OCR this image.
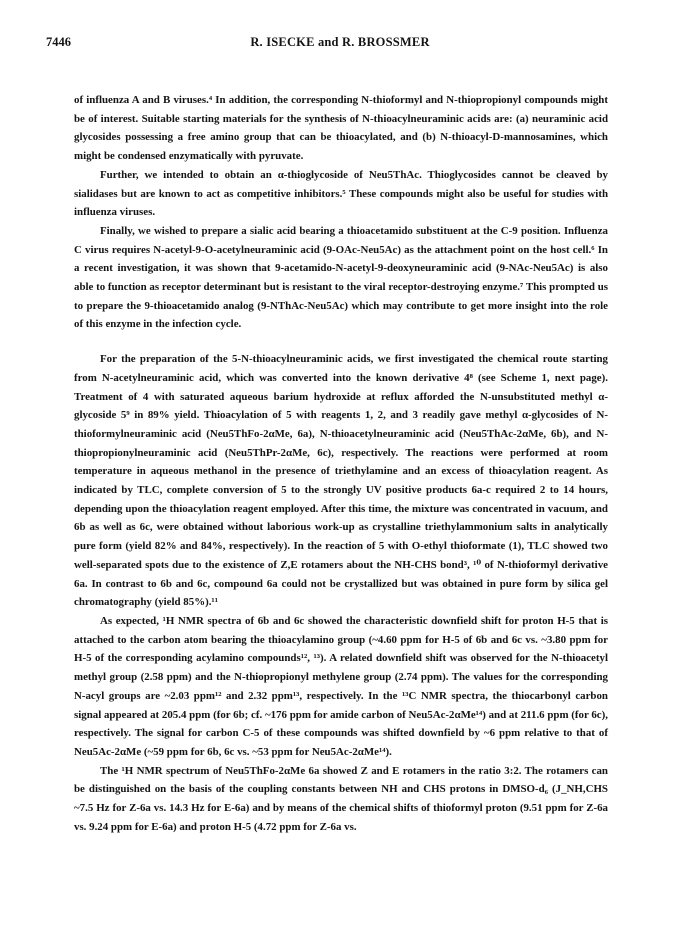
7446	R. ISECKE and R. BROSSMER

of influenza A and B viruses.⁴ In addition, the corresponding N-thioformyl and N-thiopropionyl compounds might be of interest. Suitable starting materials for the synthesis of N-thioacylneuraminic acids are: (a) neuraminic acid glycosides possessing a free amino group that can be thioacylated, and (b) N-thioacyl-D-mannosamines, which might be condensed enzymatically with pyruvate.

Further, we intended to obtain an α-thioglycoside of Neu5ThAc. Thioglycosides cannot be cleaved by sialidases but are known to act as competitive inhibitors.⁵ These compounds might also be useful for studies with influenza viruses.

Finally, we wished to prepare a sialic acid bearing a thioacetamido substituent at the C-9 position. Influenza C virus requires N-acetyl-9-O-acetylneuraminic acid (9-OAc-Neu5Ac) as the attachment point on the host cell.⁶ In a recent investigation, it was shown that 9-acetamido-N-acetyl-9-deoxyneuraminic acid (9-NAc-Neu5Ac) is also able to function as receptor determinant but is resistant to the viral receptor-destroying enzyme.⁷ This prompted us to prepare the 9-thioacetamido analog (9-NThAc-Neu5Ac) which may contribute to get more insight into the role of this enzyme in the infection cycle.

For the preparation of the 5-N-thioacylneuraminic acids, we first investigated the chemical route starting from N-acetylneuraminic acid, which was converted into the known derivative 4⁸ (see Scheme 1, next page). Treatment of 4 with saturated aqueous barium hydroxide at reflux afforded the N-unsubstituted methyl α-glycoside 5⁹ in 89% yield. Thioacylation of 5 with reagents 1, 2, and 3 readily gave methyl α-glycosides of N-thioformylneuraminic acid (Neu5ThFo-2αMe, 6a), N-thioacetylneuraminic acid (Neu5ThAc-2αMe, 6b), and N-thiopropionylneuraminic acid (Neu5ThPr-2αMe, 6c), respectively. The reactions were performed at room temperature in aqueous methanol in the presence of triethylamine and an excess of thioacylation reagent. As indicated by TLC, complete conversion of 5 to the strongly UV positive products 6a-c required 2 to 14 hours, depending upon the thioacylation reagent employed. After this time, the mixture was concentrated in vacuum, and 6b as well as 6c, were obtained without laborious work-up as crystalline triethylammonium salts in analytically pure form (yield 82% and 84%, respectively). In the reaction of 5 with O-ethyl thioformate (1), TLC showed two well-separated spots due to the existence of Z,E rotamers about the NH-CHS bond³, ¹⁰ of N-thioformyl derivative 6a. In contrast to 6b and 6c, compound 6a could not be crystallized but was obtained in pure form by silica gel chromatography (yield 85%).¹¹

As expected, ¹H NMR spectra of 6b and 6c showed the characteristic downfield shift for proton H-5 that is attached to the carbon atom bearing the thioacylamino group (~4.60 ppm for H-5 of 6b and 6c vs. ~3.80 ppm for H-5 of the corresponding acylamino compounds¹², ¹³). A related downfield shift was observed for the N-thioacetyl methyl group (2.58 ppm) and the N-thiopropionyl methylene group (2.74 ppm). The values for the corresponding N-acyl groups are ~2.03 ppm¹² and 2.32 ppm¹³, respectively. In the ¹³C NMR spectra, the thiocarbonyl carbon signal appeared at 205.4 ppm (for 6b; cf. ~176 ppm for amide carbon of Neu5Ac-2αMe¹⁴) and at 211.6 ppm (for 6c), respectively. The signal for carbon C-5 of these compounds was shifted downfield by ~6 ppm relative to that of Neu5Ac-2αMe (~59 ppm for 6b, 6c vs. ~53 ppm for Neu5Ac-2αMe¹⁴).

The ¹H NMR spectrum of Neu5ThFo-2αMe 6a showed Z and E rotamers in the ratio 3:2. The rotamers can be distinguished on the basis of the coupling constants between NH and CHS protons in DMSO-d₆ (J_NH,CHS ~7.5 Hz for Z-6a vs. 14.3 Hz for E-6a) and by means of the chemical shifts of thioformyl proton (9.51 ppm for Z-6a vs. 9.24 ppm for E-6a) and proton H-5 (4.72 ppm for Z-6a vs.
